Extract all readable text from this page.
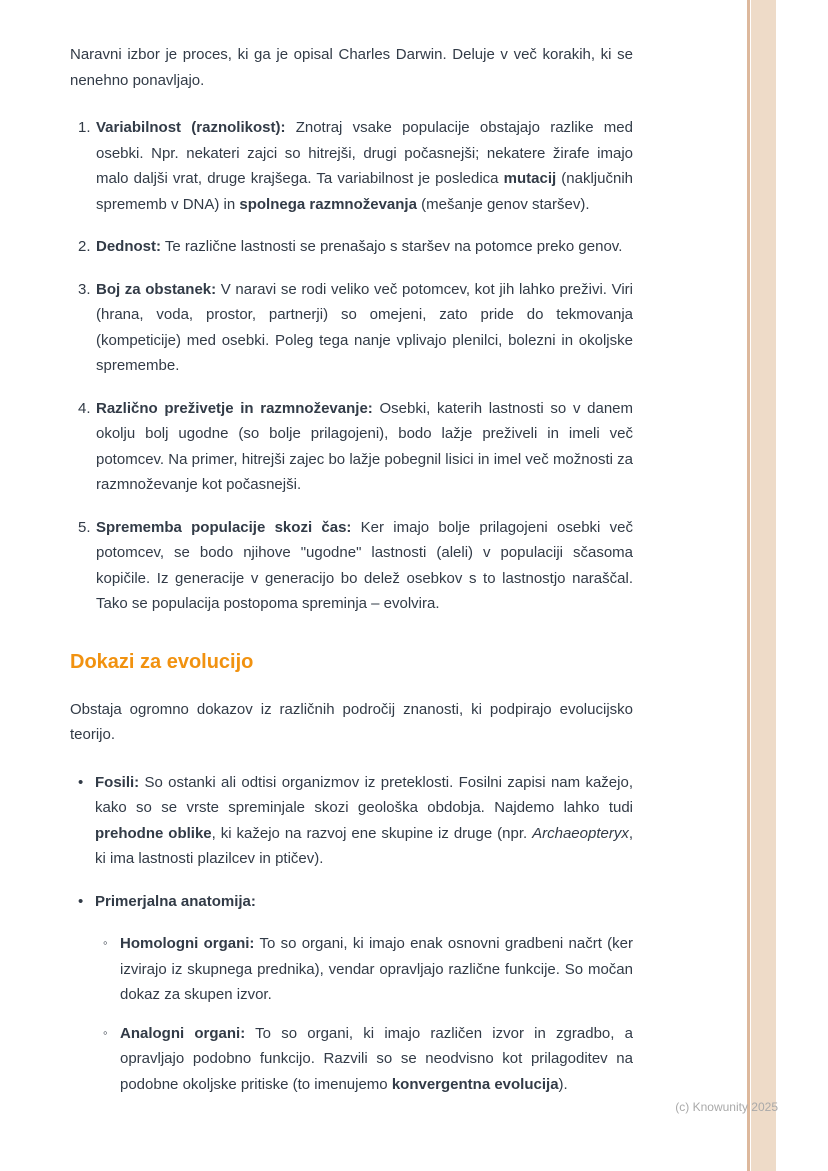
Naravni izbor je proces, ki ga je opisal Charles Darwin. Deluje v več korakih, ki se nenehno ponavljajo.

1. Variabilnost (raznolikost): Znotraj vsake populacije obstajajo razlike med osebki. Npr. nekateri zajci so hitrejši, drugi počasnejši; nekatere žirafe imajo malo daljši vrat, druge krajšega. Ta variabilnost je posledica mutacij (naključnih sprememb v DNA) in spolnega razmnoževanja (mešanje genov staršev).
2. Dednost: Te različne lastnosti se prenašajo s staršev na potomce preko genov.
3. Boj za obstanek: V naravi se rodi veliko več potomcev, kot jih lahko preživi. Viri (hrana, voda, prostor, partnerji) so omejeni, zato pride do tekmovanja (kompeticije) med osebki. Poleg tega nanje vplivajo plenilci, bolezni in okoljske spremembe.
4. Različno preživetje in razmnoževanje: Osebki, katerih lastnosti so v danem okolju bolj ugodne (so bolje prilagojeni), bodo lažje preživeli in imeli več potomcev. Na primer, hitrejši zajec bo lažje pobegnil lisici in imel več možnosti za razmnoževanje kot počasnejši.
5. Sprememba populacije skozi čas: Ker imajo bolje prilagojeni osebki več potomcev, se bodo njihove "ugodne" lastnosti (aleli) v populaciji sčasoma kopičile. Iz generacije v generacijo bo delež osebkov s to lastnostjo naraščal. Tako se populacija postopoma spreminja – evolvira.
Dokazi za evolucijo

Obstaja ogromno dokazov iz različnih področij znanosti, ki podpirajo evolucijsko teorijo.

• Fosili: So ostanki ali odtisi organizmov iz preteklosti. Fosilni zapisi nam kažejo, kako so se vrste spreminjale skozi geološka obdobja. Najdemo lahko tudi prehodne oblike, ki kažejo na razvoj ene skupine iz druge (npr. Archaeopteryx, ki ima lastnosti plazilcev in ptičev).
• Primerjalna anatomija:
◦ Homologni organi: To so organi, ki imajo enak osnovni gradbeni načrt (ker izvirajo iz skupnega prednika), vendar opravljajo različne funkcije. So močan dokaz za skupen izvor.
◦ Analogni organi: To so organi, ki imajo različen izvor in zgradbo, a opravljajo podobno funkcijo. Razvili so se neodvisno kot prilagoditev na podobne okoljske pritiske (to imenujemo konvergentna evolucija).
(c) Knowunity 2025
